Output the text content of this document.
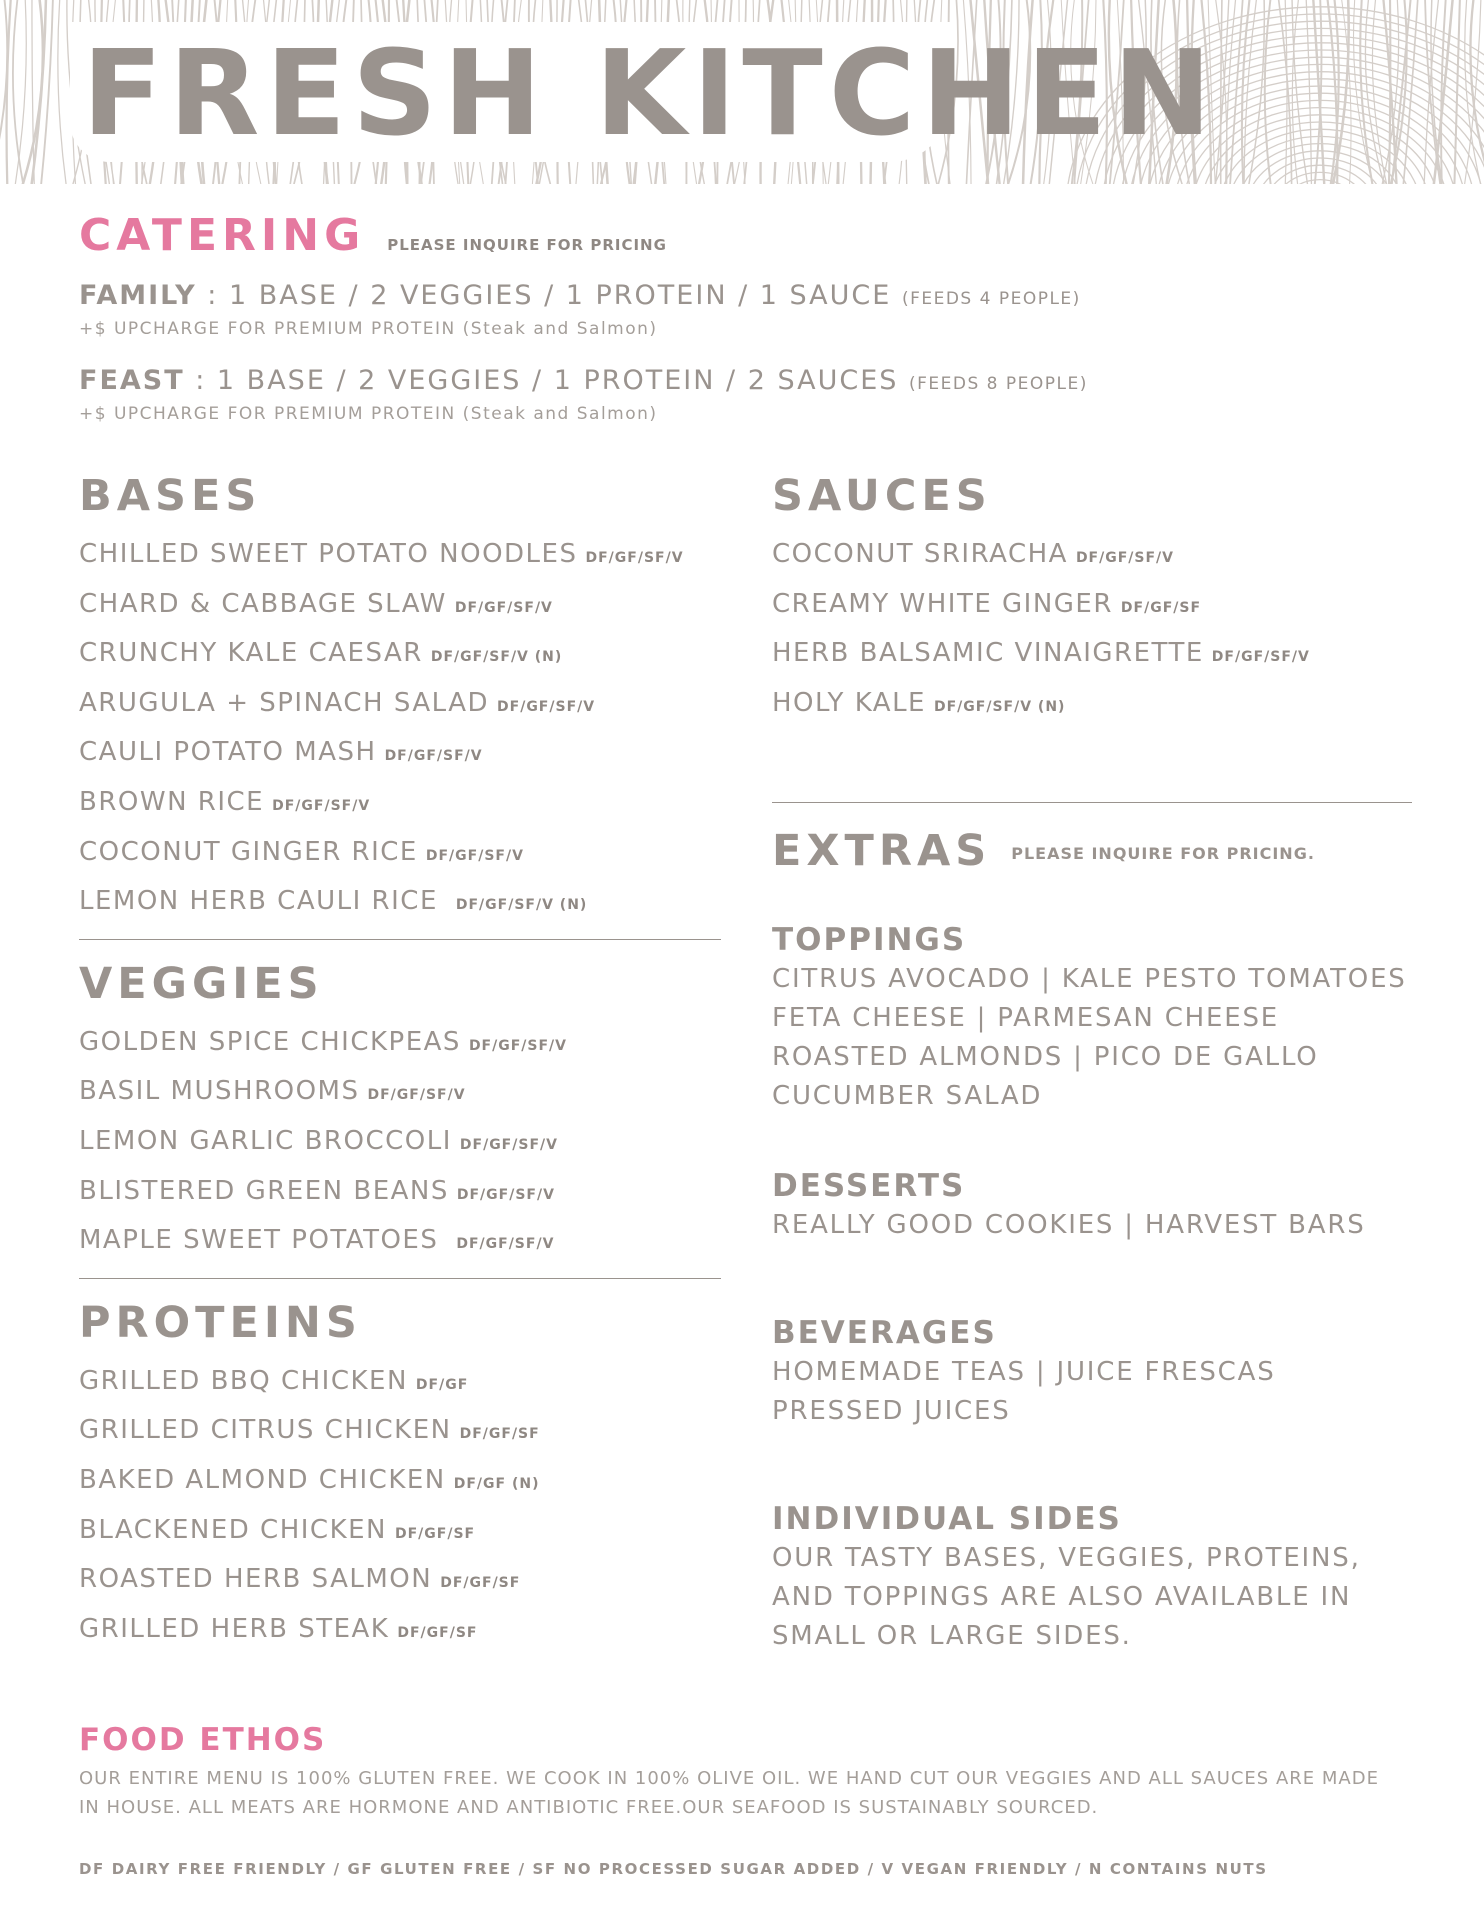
FRESH KITCHEN
CATERING PLEASE INQUIRE FOR PRICING
FAMILY : 1 BASE / 2 VEGGIES / 1 PROTEIN / 1 SAUCE (FEEDS 4 PEOPLE)
+$ UPCHARGE FOR PREMIUM PROTEIN (Steak and Salmon)
FEAST : 1 BASE / 2 VEGGIES / 1 PROTEIN / 2 SAUCES (FEEDS 8 PEOPLE)
+$ UPCHARGE FOR PREMIUM PROTEIN (Steak and Salmon)
BASES
CHILLED SWEET POTATO NOODLES DF/GF/SF/V
CHARD & CABBAGE SLAW DF/GF/SF/V
CRUNCHY KALE CAESAR DF/GF/SF/V (N)
ARUGULA + SPINACH SALAD DF/GF/SF/V
CAULI POTATO MASH DF/GF/SF/V
BROWN RICE DF/GF/SF/V
COCONUT GINGER RICE DF/GF/SF/V
LEMON HERB CAULI RICE DF/GF/SF/V (N)
VEGGIES
GOLDEN SPICE CHICKPEAS DF/GF/SF/V
BASIL MUSHROOMS DF/GF/SF/V
LEMON GARLIC BROCCOLI DF/GF/SF/V
BLISTERED GREEN BEANS DF/GF/SF/V
MAPLE SWEET POTATOES DF/GF/SF/V
PROTEINS
GRILLED BBQ CHICKEN DF/GF
GRILLED CITRUS CHICKEN DF/GF/SF
BAKED ALMOND CHICKEN DF/GF (N)
BLACKENED CHICKEN DF/GF/SF
ROASTED HERB SALMON DF/GF/SF
GRILLED HERB STEAK DF/GF/SF
SAUCES
COCONUT SRIRACHA DF/GF/SF/V
CREAMY WHITE GINGER DF/GF/SF
HERB BALSAMIC VINAIGRETTE DF/GF/SF/V
HOLY KALE DF/GF/SF/V (N)
EXTRAS PLEASE INQUIRE FOR PRICING.
TOPPINGS
CITRUS AVOCADO | KALE PESTO TOMATOES
FETA CHEESE | PARMESAN CHEESE
ROASTED ALMONDS | PICO DE GALLO
CUCUMBER SALAD
DESSERTS
REALLY GOOD COOKIES | HARVEST BARS
BEVERAGES
HOMEMADE TEAS | JUICE FRESCAS
PRESSED JUICES
INDIVIDUAL SIDES
OUR TASTY BASES, VEGGIES, PROTEINS,
AND TOPPINGS ARE ALSO AVAILABLE IN
SMALL OR LARGE SIDES.
FOOD ETHOS
OUR ENTIRE MENU IS 100% GLUTEN FREE. WE COOK IN 100% OLIVE OIL. WE HAND CUT OUR VEGGIES AND ALL SAUCES ARE MADE
IN HOUSE. ALL MEATS ARE HORMONE AND ANTIBIOTIC FREE.OUR SEAFOOD IS SUSTAINABLY SOURCED.
DF DAIRY FREE FRIENDLY / GF GLUTEN FREE / SF NO PROCESSED SUGAR ADDED / V VEGAN FRIENDLY / N CONTAINS NUTS
